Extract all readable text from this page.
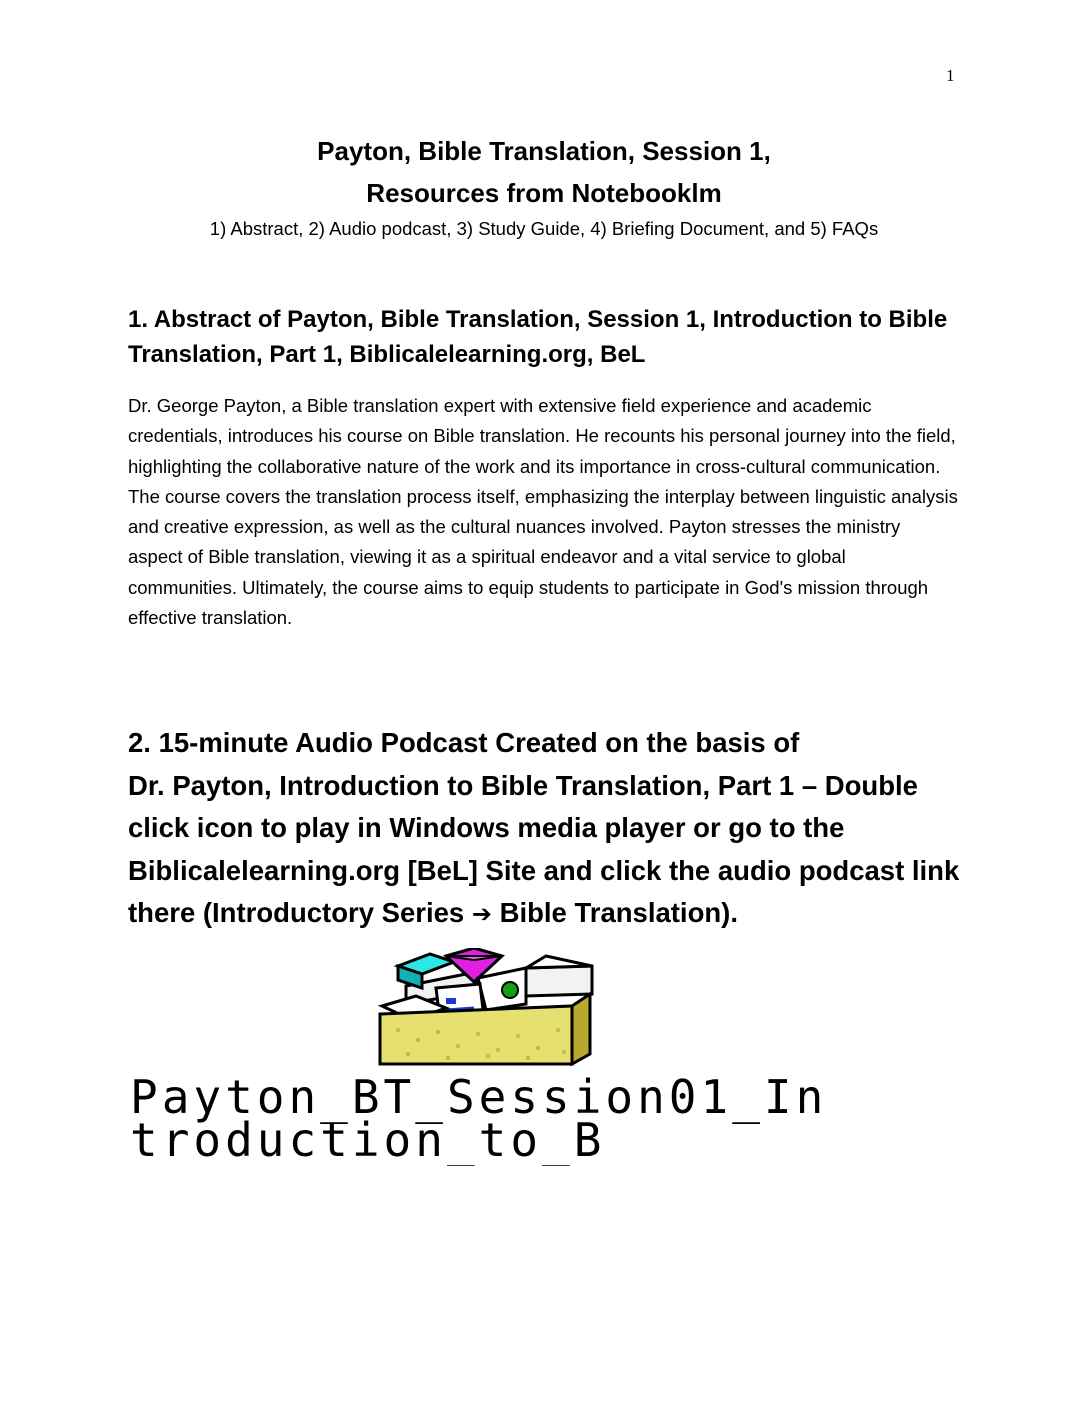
1
Payton, Bible Translation, Session 1,
Resources from Notebooklm
1) Abstract, 2) Audio podcast, 3) Study Guide, 4) Briefing Document, and 5) FAQs
1. Abstract of Payton, Bible Translation, Session 1, Introduction to Bible Translation, Part 1, Biblicalelearning.org, BeL
Dr. George Payton, a Bible translation expert with extensive field experience and academic credentials, introduces his course on Bible translation. He recounts his personal journey into the field, highlighting the collaborative nature of the work and its importance in cross-cultural communication. The course covers the translation process itself, emphasizing the interplay between linguistic analysis and creative expression, as well as the cultural nuances involved. Payton stresses the ministry aspect of Bible translation, viewing it as a spiritual endeavor and a vital service to global communities. Ultimately, the course aims to equip students to participate in God's mission through effective translation.
2. 15-minute Audio Podcast Created on the basis of
Dr. Payton, Introduction to Bible Translation, Part 1 – Double click icon to play in Windows media player or go to the Biblicalelearning.org [BeL] Site and click the audio podcast link there (Introductory Series ➔ Bible Translation).
Payton_BT_Session01_Introduction_to_B
